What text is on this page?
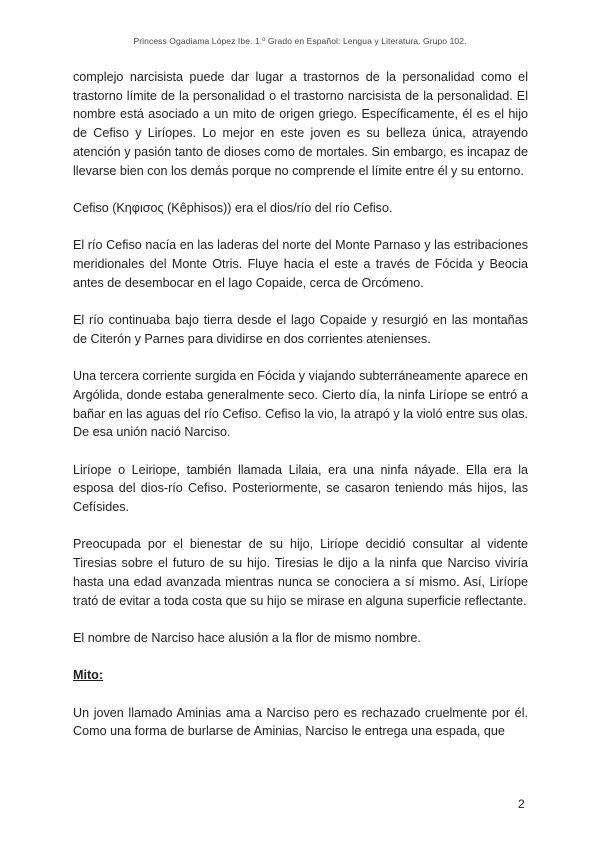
Princess Ogadiama López Ibe. 1.º Grado en Español: Lengua y Literatura. Grupo 102.

complejo narcisista puede dar lugar a trastornos de la personalidad como el trastorno límite de la personalidad o el trastorno narcisista de la personalidad. El nombre está asociado a un mito de origen griego. Específicamente, él es el hijo de Cefiso y Liríopes. Lo mejor en este joven es su belleza única, atrayendo atención y pasión tanto de dioses como de mortales. Sin embargo, es incapaz de llevarse bien con los demás porque no comprende el límite entre él y su entorno.

Cefiso (Κηφισος (Kêphisos)) era el dios/río del río Cefiso.

El río Cefiso nacía en las laderas del norte del Monte Parnaso y las estribaciones meridionales del Monte Otris. Fluye hacia el este a través de Fócida y Beocia antes de desembocar en el lago Copaide, cerca de Orcómeno.

El río continuaba bajo tierra desde el lago Copaide y resurgió en las montañas de Citerón y Parnes para dividirse en dos corrientes atenienses.

Una tercera corriente surgida en Fócida y viajando subterráneamente aparece en Argólida, donde estaba generalmente seco. Cierto día, la ninfa Liríope se entró a bañar en las aguas del río Cefiso. Cefiso la vio, la atrapó y la violó entre sus olas. De esa unión nació Narciso.

Liríope o Leiriope, también llamada Lilaia, era una ninfa náyade. Ella era la esposa del dios-río Cefiso. Posteriormente, se casaron teniendo más hijos, las Cefísides.

Preocupada por el bienestar de su hijo, Liríope decidió consultar al vidente Tiresias sobre el futuro de su hijo. Tiresias le dijo a la ninfa que Narciso viviría hasta una edad avanzada mientras nunca se conociera a sí mismo. Así, Liríope trató de evitar a toda costa que su hijo se mirase en alguna superficie reflectante.

El nombre de Narciso hace alusión a la flor de mismo nombre.

Mito:

Un joven llamado Aminias ama a Narciso pero es rechazado cruelmente por él. Como una forma de burlarse de Aminias, Narciso le entrega una espada, que

2
